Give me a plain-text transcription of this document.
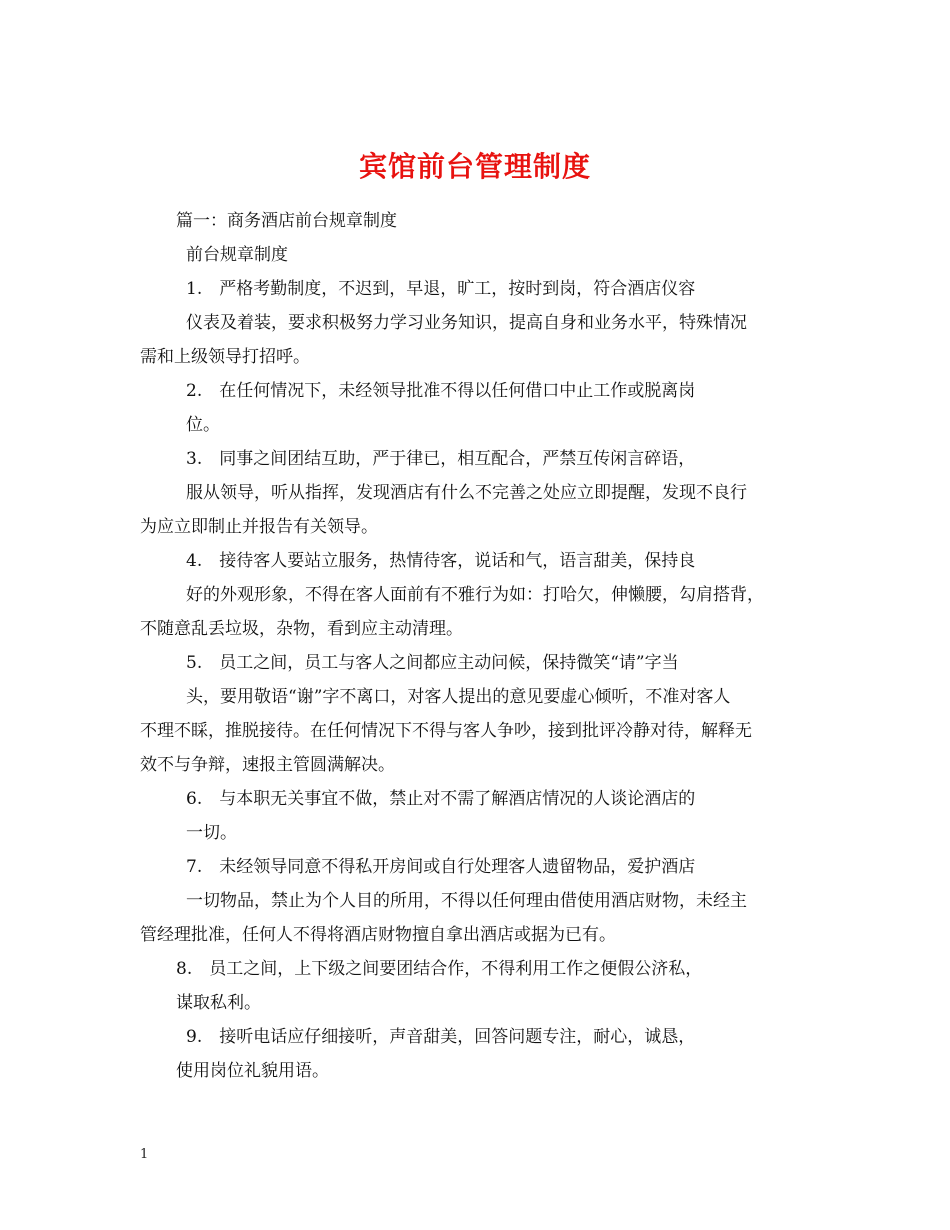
宾馆前台管理制度
篇一：商务酒店前台规章制度
前台规章制度
1.　严格考勤制度，不迟到，早退，旷工，按时到岗，符合酒店仪容
仪表及着装，要求积极努力学习业务知识，提高自身和业务水平，特殊情况
需和上级领导打招呼。
2.　在任何情况下，未经领导批准不得以任何借口中止工作或脱离岗
位。
3.　同事之间团结互助，严于律已，相互配合，严禁互传闲言碎语，
服从领导，听从指挥，发现酒店有什么不完善之处应立即提醒，发现不良行
为应立即制止并报告有关领导。
4.　接待客人要站立服务，热情待客，说话和气，语言甜美，保持良
好的外观形象，不得在客人面前有不雅行为如：打哈欠，伸懒腰，勾肩搭背，
不随意乱丢垃圾，杂物，看到应主动清理。
5.　员工之间，员工与客人之间都应主动问候，保持微笑“请”字当
头，要用敬语“谢”字不离口，对客人提出的意见要虚心倾听，不准对客人
不理不睬，推脱接待。在任何情况下不得与客人争吵，接到批评冷静对待，解释无
效不与争辩，速报主管圆满解决。
6.　与本职无关事宜不做，禁止对不需了解酒店情况的人谈论酒店的
一切。
7.　未经领导同意不得私开房间或自行处理客人遗留物品，爱护酒店
一切物品，禁止为个人目的所用，不得以任何理由借使用酒店财物，未经主
管经理批准，任何人不得将酒店财物擅自拿出酒店或据为已有。
8.　员工之间，上下级之间要团结合作，不得利用工作之便假公济私，
谋取私利。
9.　接听电话应仔细接听，声音甜美，回答问题专注，耐心，诚恳，
使用岗位礼貌用语。
1
